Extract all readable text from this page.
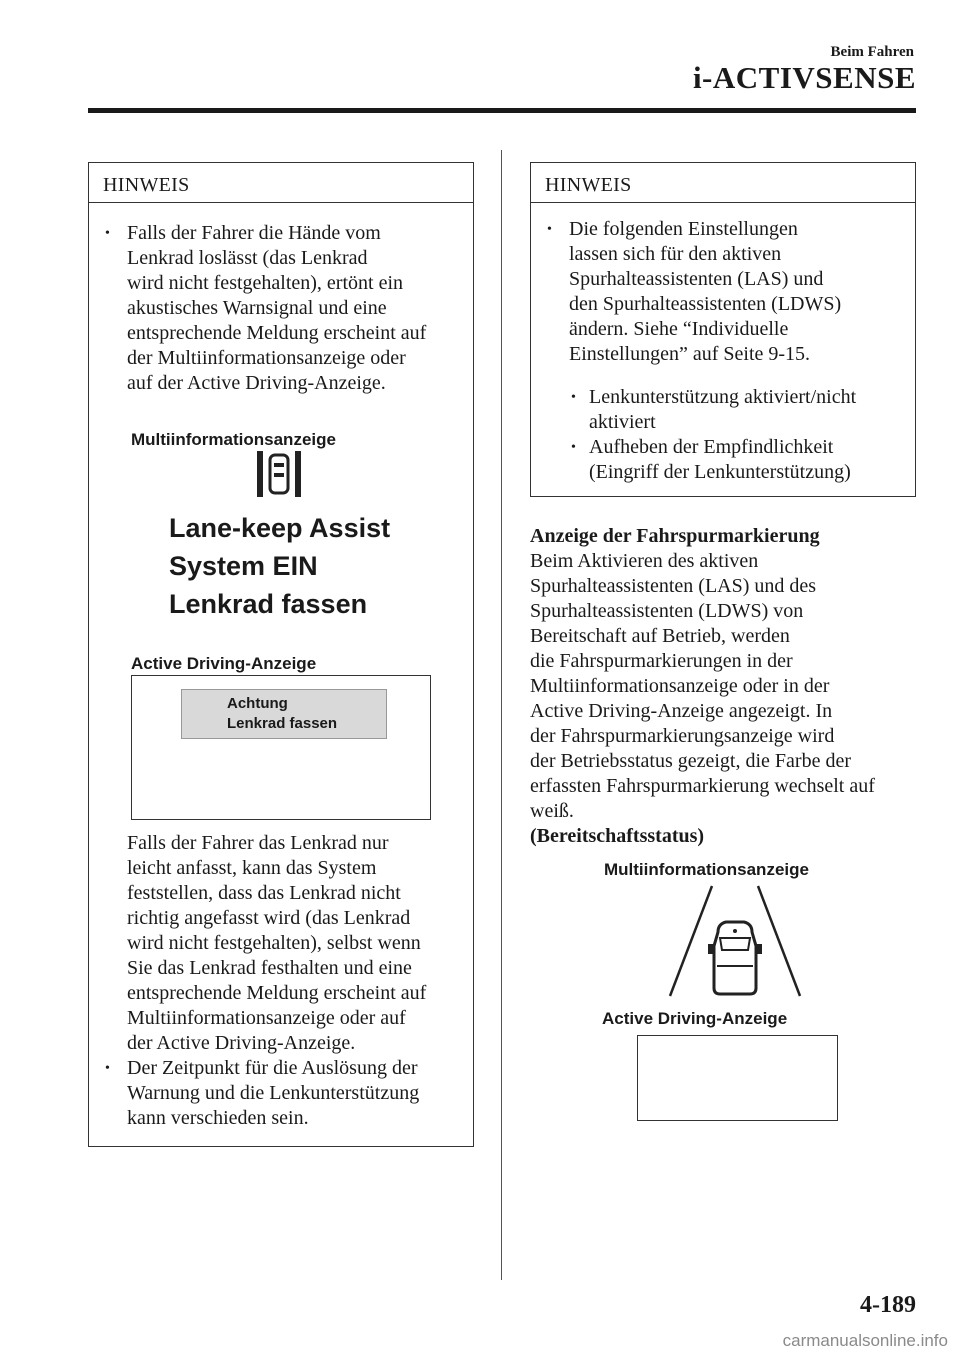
Beim Fahren
i-ACTIVSENSE
HINWEIS
• Falls der Fahrer die Hände vom
Lenkrad loslässt (das Lenkrad
wird nicht festgehalten), ertönt ein
akustisches Warnsignal und eine
entsprechende Meldung erscheint auf
der Multiinformationsanzeige oder
auf der Active Driving-Anzeige.
Multiinformationsanzeige
Lane-keep Assist
System EIN
Lenkrad fassen
Active Driving-Anzeige
Achtung
Lenkrad fassen
Falls der Fahrer das Lenkrad nur
leicht anfasst, kann das System
feststellen, dass das Lenkrad nicht
richtig angefasst wird (das Lenkrad
wird nicht festgehalten), selbst wenn
Sie das Lenkrad festhalten und eine
entsprechende Meldung erscheint auf
Multiinformationsanzeige oder auf
der Active Driving-Anzeige.
• Der Zeitpunkt für die Auslösung der
Warnung und die Lenkunterstützung
kann verschieden sein.
HINWEIS
• Die folgenden Einstellungen
lassen sich für den aktiven
Spurhalteassistenten (LAS) und
den Spurhalteassistenten (LDWS)
ändern. Siehe “Individuelle
Einstellungen” auf Seite 9-15.
• Lenkunterstützung aktiviert/nicht
aktiviert
• Aufheben der Empfindlichkeit
(Eingriff der Lenkunterstützung)
Anzeige der Fahrspurmarkierung
Beim Aktivieren des aktiven
Spurhalteassistenten (LAS) und des
Spurhalteassistenten (LDWS) von
Bereitschaft auf Betrieb, werden
die Fahrspurmarkierungen in der
Multiinformationsanzeige oder in der
Active Driving-Anzeige angezeigt. In
der Fahrspurmarkierungsanzeige wird
der Betriebsstatus gezeigt, die Farbe der
erfassten Fahrspurmarkierung wechselt auf
weiß.
(Bereitschaftsstatus)
Multiinformationsanzeige
Active Driving-Anzeige
4-189
carmanualsonline.info
